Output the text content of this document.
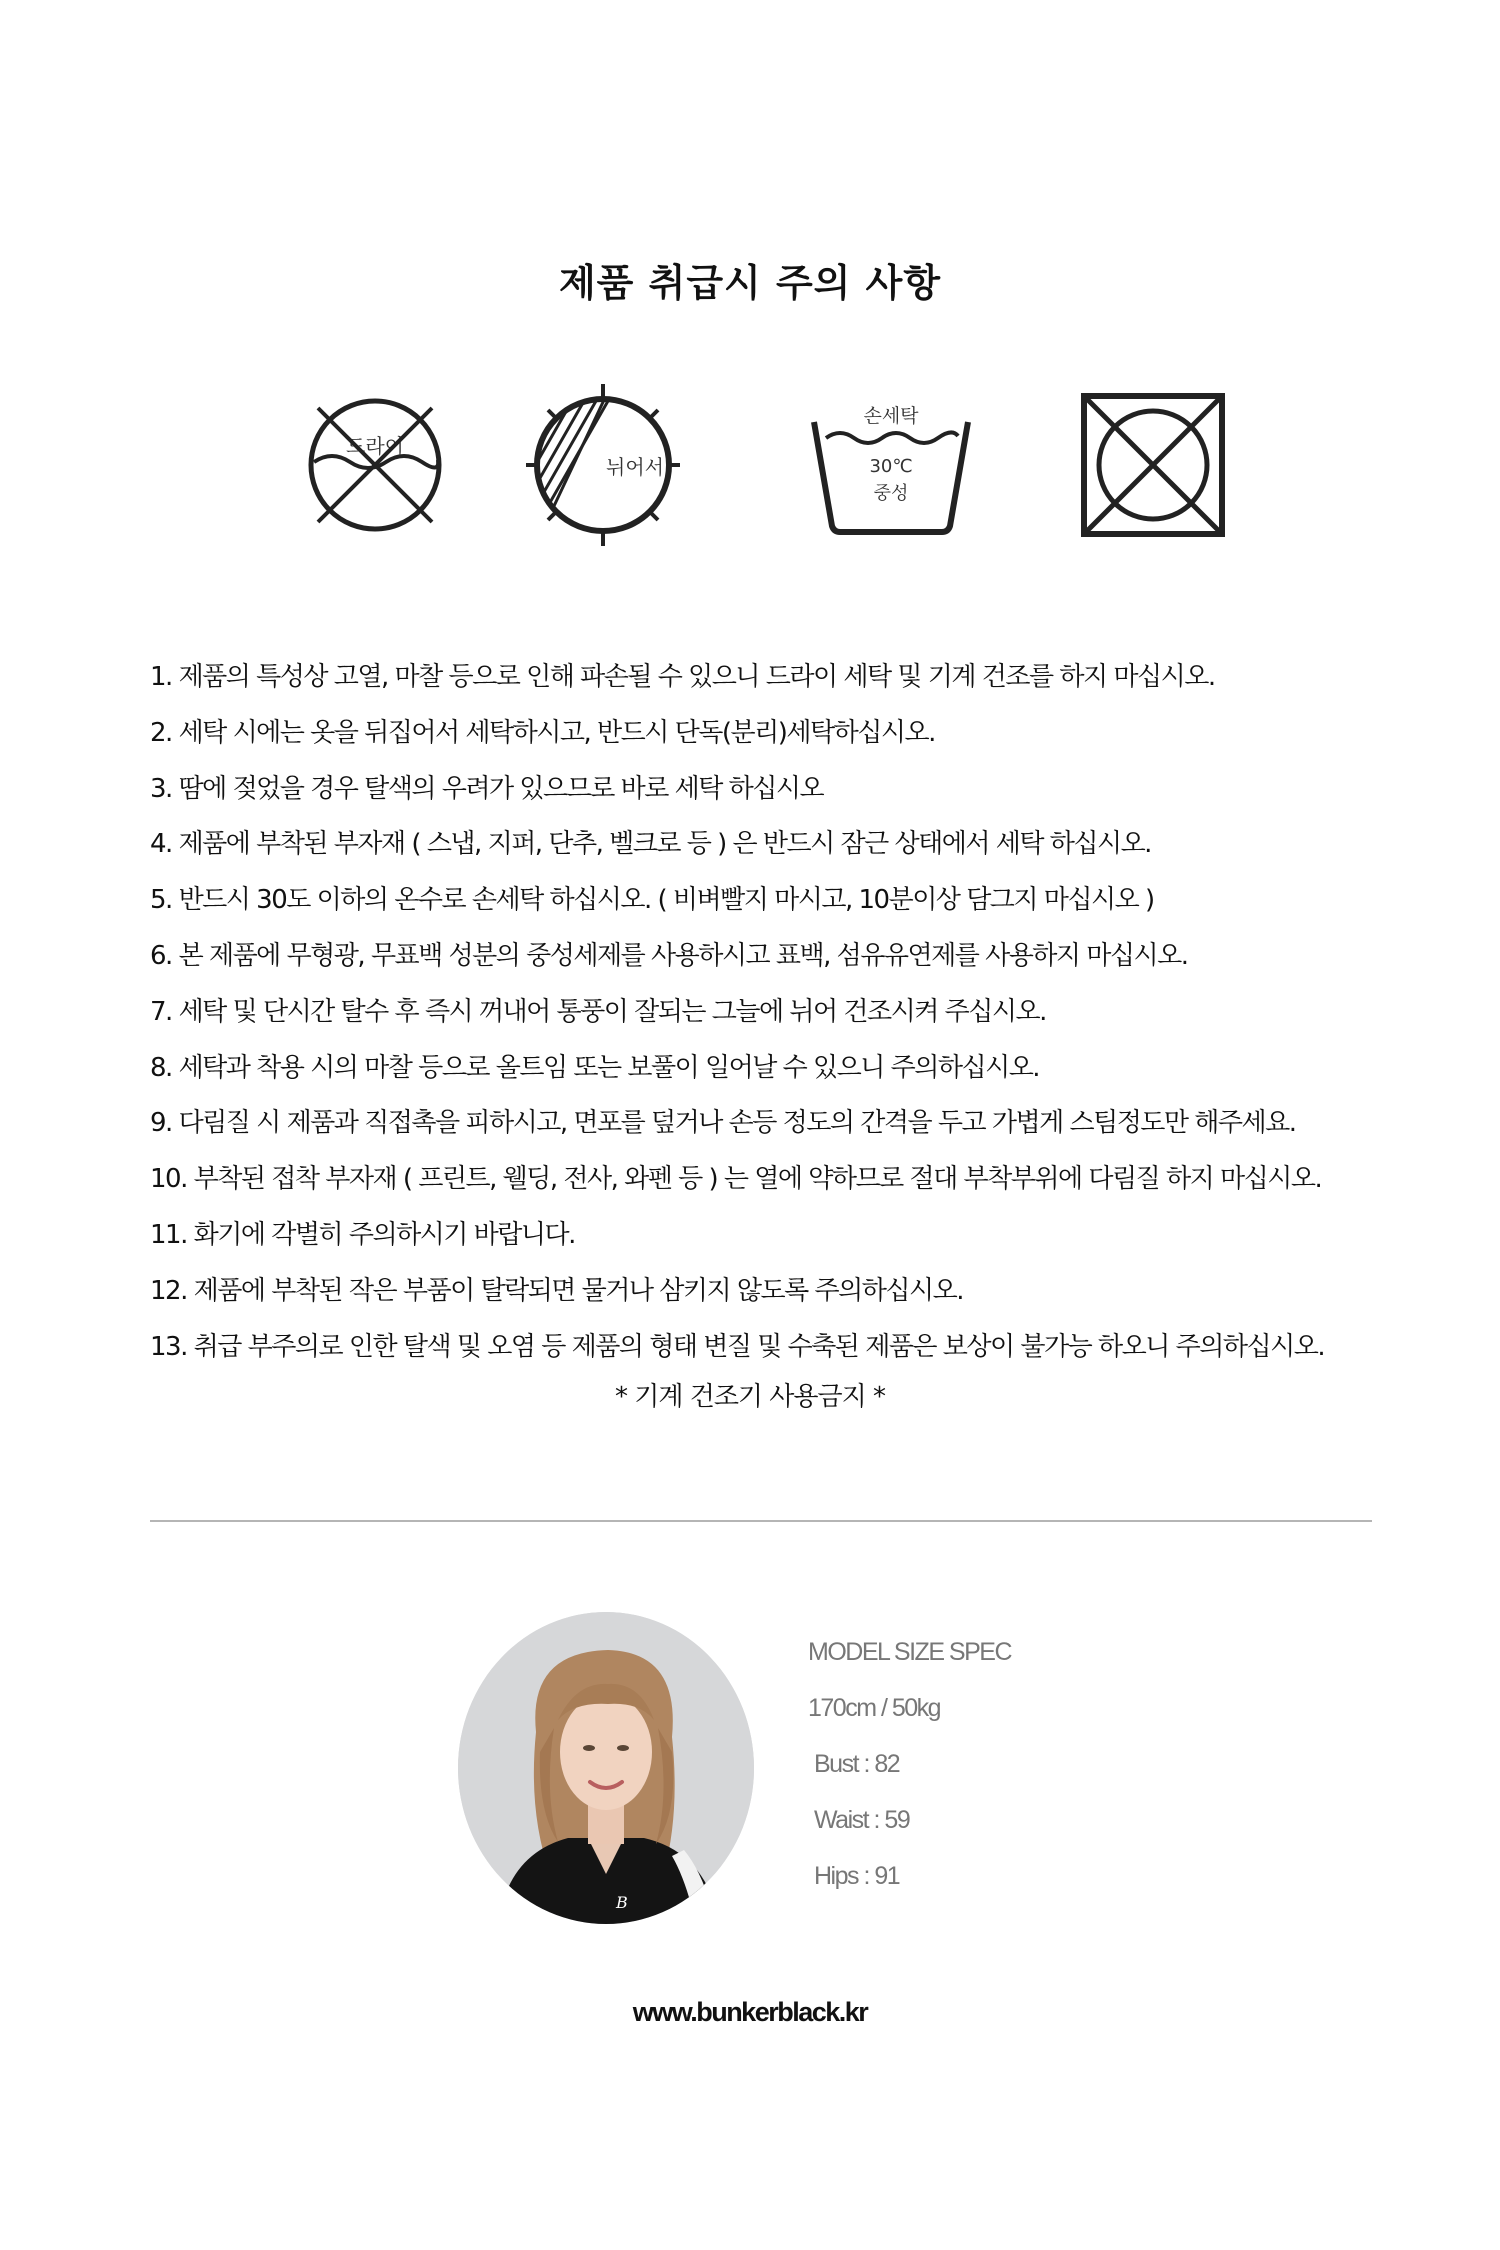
제품 취급시 주의 사항
드라이
뉘어서
손세탁
30℃
중성
1. 제품의 특성상 고열, 마찰 등으로 인해 파손될 수 있으니 드라이 세탁 및 기계 건조를 하지 마십시오.
2. 세탁 시에는 옷을 뒤집어서 세탁하시고, 반드시 단독(분리)세탁하십시오.
3. 땀에 젖었을 경우 탈색의 우려가 있으므로 바로 세탁 하십시오
4. 제품에 부착된 부자재 ( 스냅, 지퍼, 단추, 벨크로 등 ) 은 반드시 잠근 상태에서 세탁 하십시오.
5. 반드시 30도 이하의 온수로 손세탁 하십시오. ( 비벼빨지 마시고, 10분이상 담그지 마십시오 )
6. 본 제품에 무형광, 무표백 성분의 중성세제를 사용하시고 표백, 섬유유연제를 사용하지 마십시오.
7. 세탁 및 단시간 탈수 후 즉시 꺼내어 통풍이 잘되는 그늘에 뉘어 건조시켜 주십시오.
8. 세탁과 착용 시의 마찰 등으로 올트임 또는 보풀이 일어날 수 있으니 주의하십시오.
9. 다림질 시 제품과 직접촉을 피하시고, 면포를 덮거나 손등 정도의 간격을 두고 가볍게 스팀정도만 해주세요.
10. 부착된 접착 부자재 ( 프린트, 웰딩, 전사, 와펜 등 ) 는 열에 약하므로 절대 부착부위에 다림질 하지 마십시오.
11. 화기에 각별히 주의하시기 바랍니다.
12. 제품에 부착된 작은 부품이 탈락되면 물거나 삼키지 않도록 주의하십시오.
13. 취급 부주의로 인한 탈색 및 오염 등 제품의 형태 변질 및 수축된 제품은 보상이 불가능 하오니 주의하십시오.
* 기계 건조기 사용금지 *
B
MODEL SIZE SPEC
170cm / 50kg
Bust : 82
Waist : 59
Hips : 91
www.bunkerblack.kr
